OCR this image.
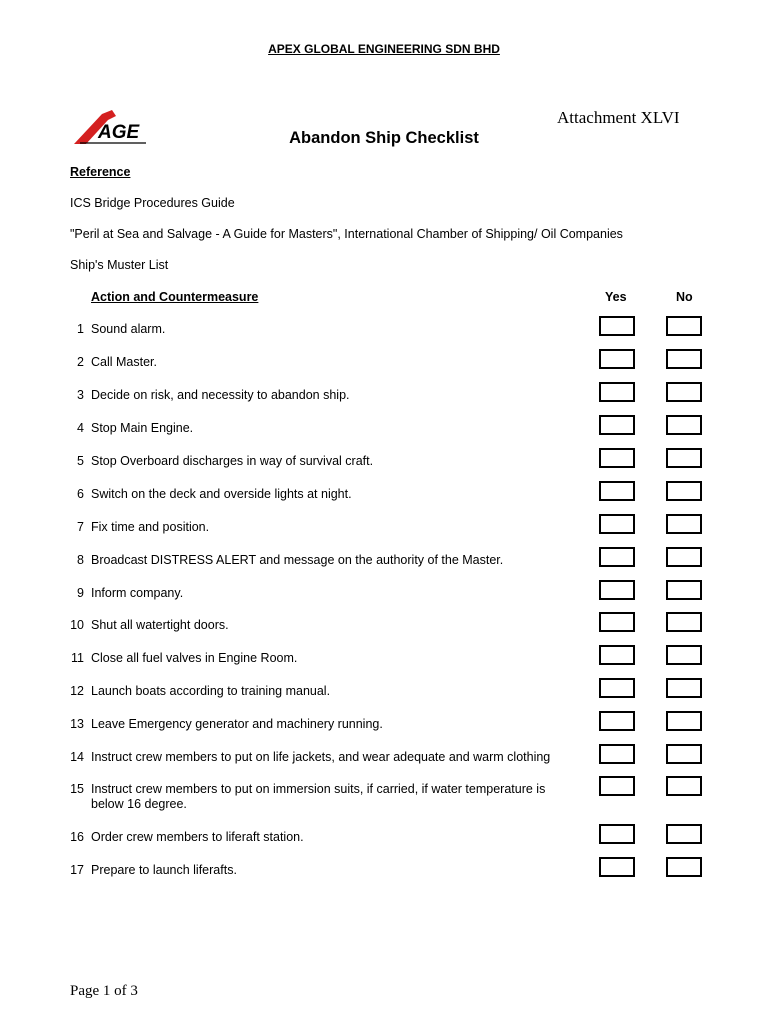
APEX GLOBAL ENGINEERING SDN BHD
AGE
Attachment XLVI
Abandon Ship Checklist
Reference
ICS Bridge Procedures Guide
"Peril at Sea and Salvage - A Guide for Masters", International Chamber of Shipping/ Oil Companies
Ship's Muster List
Action and Countermeasure	Yes	No
1 Sound alarm.
2 Call Master.
3 Decide on risk, and necessity to abandon ship.
4 Stop Main Engine.
5 Stop Overboard discharges in way of survival craft.
6 Switch on the deck and overside lights at night.
7 Fix time and position.
8 Broadcast DISTRESS ALERT and message on the authority of the Master.
9 Inform company.
10 Shut all watertight doors.
11 Close all fuel valves in Engine Room.
12 Launch boats according to training manual.
13 Leave Emergency generator and machinery running.
14 Instruct crew members to put on life jackets, and wear adequate and warm clothing
15 Instruct crew members to put on immersion suits, if carried, if water temperature is below 16 degree.
16 Order crew members to liferaft station.
17 Prepare to launch liferafts.
Page 1 of 3
